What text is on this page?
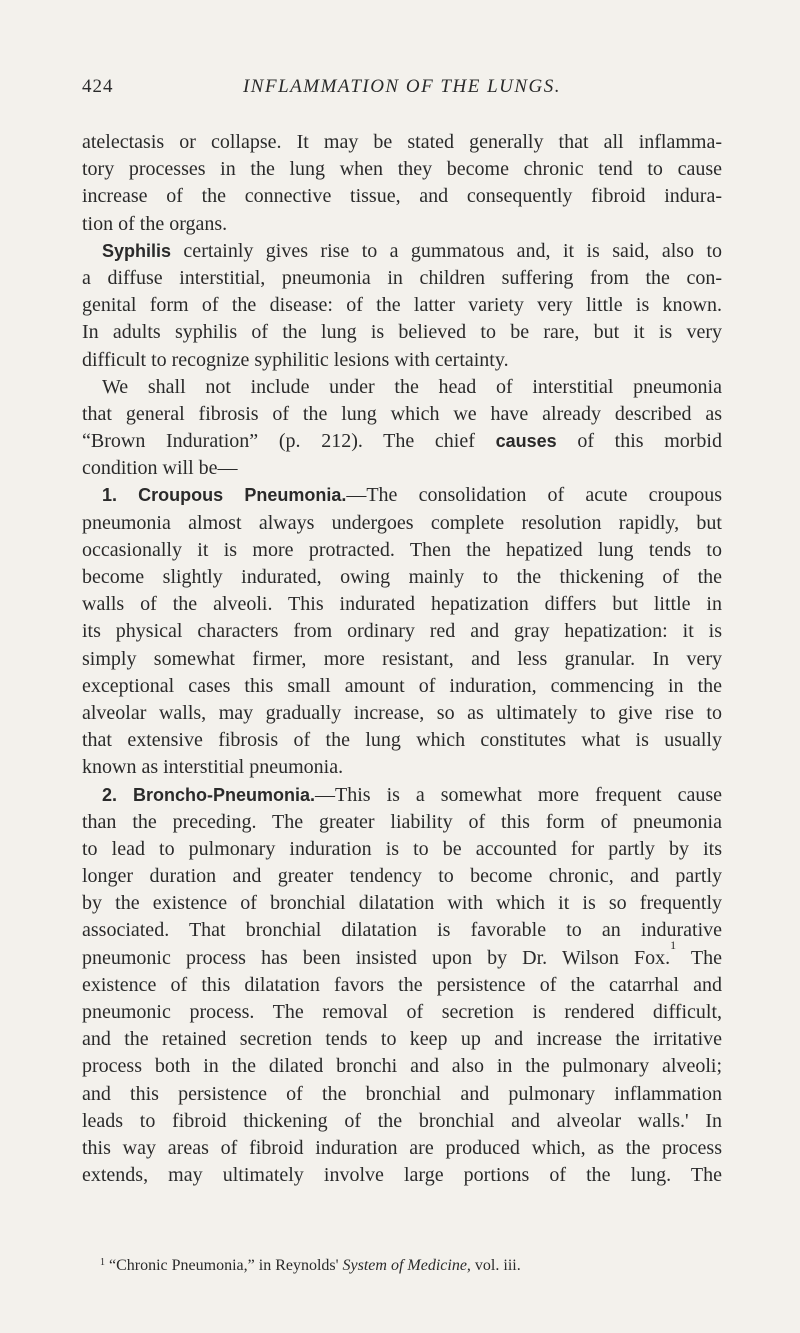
424	INFLAMMATION OF THE LUNGS.
atelectasis or collapse. It may be stated generally that all inflamma-
tory processes in the lung when they become chronic tend to cause
increase of the connective tissue, and consequently fibroid indura-
tion of the organs.
Syphilis certainly gives rise to a gummatous and, it is said, also to
a diffuse interstitial, pneumonia in children suffering from the con-
genital form of the disease: of the latter variety very little is known.
In adults syphilis of the lung is believed to be rare, but it is very
difficult to recognize syphilitic lesions with certainty.
We shall not include under the head of interstitial pneumonia
that general fibrosis of the lung which we have already described as
“Brown Induration” (p. 212). The chief causes of this morbid
condition will be—
1. Croupous Pneumonia.—The consolidation of acute croupous
pneumonia almost always undergoes complete resolution rapidly, but
occasionally it is more protracted. Then the hepatized lung tends to
become slightly indurated, owing mainly to the thickening of the
walls of the alveoli. This indurated hepatization differs but little in
its physical characters from ordinary red and gray hepatization: it is
simply somewhat firmer, more resistant, and less granular. In very
exceptional cases this small amount of induration, commencing in the
alveolar walls, may gradually increase, so as ultimately to give rise to
that extensive fibrosis of the lung which constitutes what is usually
known as interstitial pneumonia.
2. Broncho-Pneumonia.—This is a somewhat more frequent cause
than the preceding. The greater liability of this form of pneumonia
to lead to pulmonary induration is to be accounted for partly by its
longer duration and greater tendency to become chronic, and partly
by the existence of bronchial dilatation with which it is so frequently
associated. That bronchial dilatation is favorable to an indurative
pneumonic process has been insisted upon by Dr. Wilson Fox.$^1$ The
existence of this dilatation favors the persistence of the catarrhal and
pneumonic process. The removal of secretion is rendered difficult,
and the retained secretion tends to keep up and increase the irritative
process both in the dilated bronchi and also in the pulmonary alveoli;
and this persistence of the bronchial and pulmonary inflammation
leads to fibroid thickening of the bronchial and alveolar walls.' In
this way areas of fibroid induration are produced which, as the process
extends, may ultimately involve large portions of the lung. The
$^1$ “Chronic Pneumonia,” in Reynolds' System of Medicine, vol. iii.
